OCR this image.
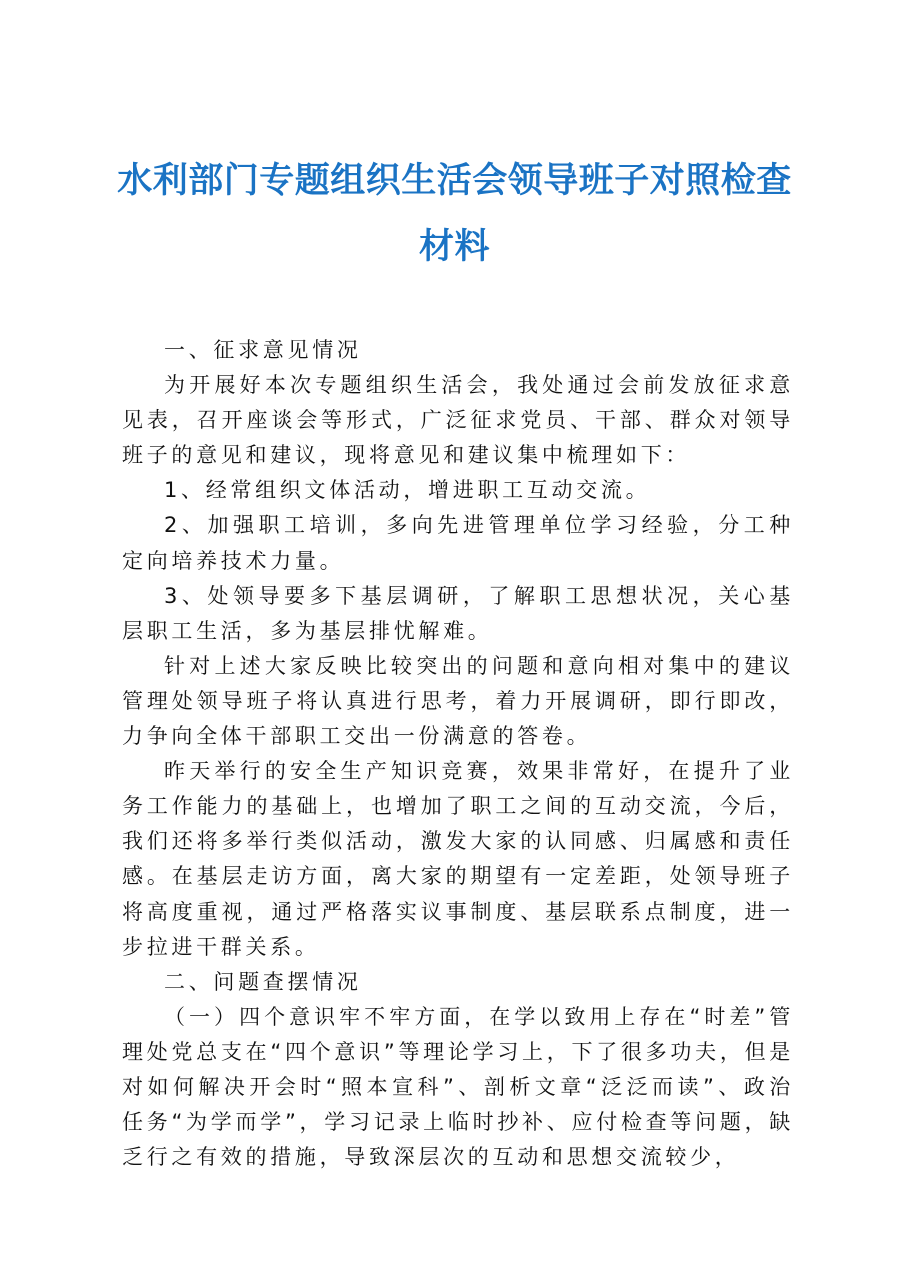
水利部门专题组织生活会领导班子对照检查材料

一、征求意见情况

为开展好本次专题组织生活会，我处通过会前发放征求意见表，召开座谈会等形式，广泛征求党员、干部、群众对领导班子的意见和建议，现将意见和建议集中梳理如下：

1、经常组织文体活动，增进职工互动交流。

2、加强职工培训，多向先进管理单位学习经验，分工种定向培养技术力量。

3、处领导要多下基层调研，了解职工思想状况，关心基层职工生活，多为基层排忧解难。

针对上述大家反映比较突出的问题和意向相对集中的建议管理处领导班子将认真进行思考，着力开展调研，即行即改，力争向全体干部职工交出一份满意的答卷。

昨天举行的安全生产知识竞赛，效果非常好，在提升了业务工作能力的基础上，也增加了职工之间的互动交流，今后，我们还将多举行类似活动，激发大家的认同感、归属感和责任感。在基层走访方面，离大家的期望有一定差距，处领导班子将高度重视，通过严格落实议事制度、基层联系点制度，进一步拉进干群关系。

二、问题查摆情况

（一）四个意识牢不牢方面，在学以致用上存在“时差”管理处党总支在“四个意识”等理论学习上，下了很多功夫，但是对如何解决开会时“照本宣科”、剖析文章“泛泛而读”、政治任务“为学而学”，学习记录上临时抄补、应付检查等问题，缺乏行之有效的措施，导致深层次的互动和思想交流较少，
